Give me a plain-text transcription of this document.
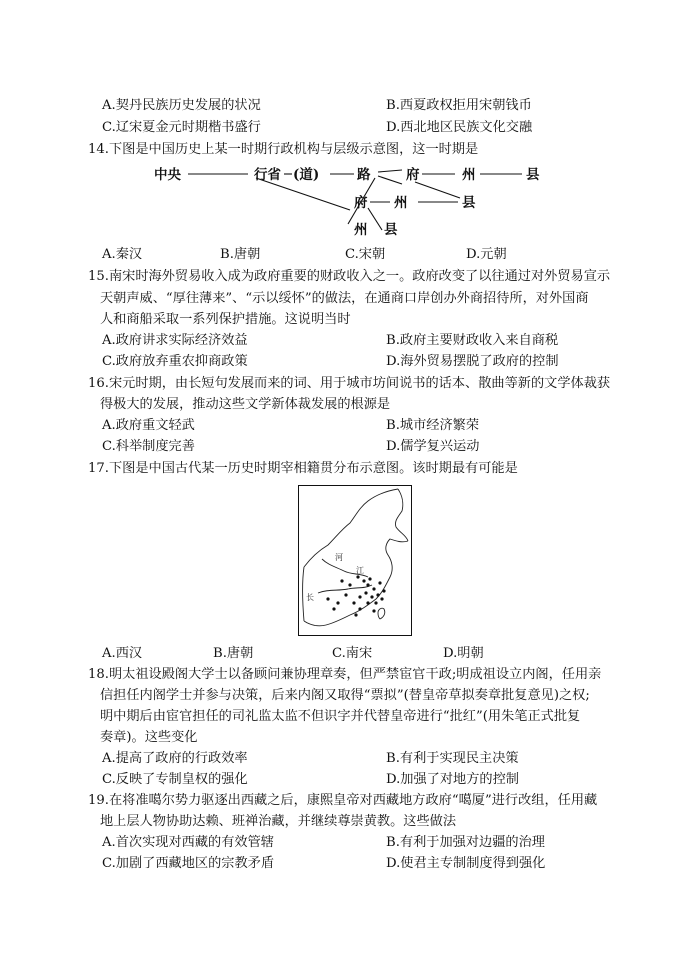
A.契丹民族历史发展的状况	B.西夏政权拒用宋朝钱币
C.辽宋夏金元时期楷书盛行	D.西北地区民族文化交融
14.下图是中国历史上某一时期行政机构与层级示意图，这一时期是
中央	行省 (道)	路	府	州	县
府 州	县
州 县
A.秦汉	B.唐朝	C.宋朝	D.元朝
15.南宋时海外贸易收入成为政府重要的财政收入之一。政府改变了以往通过对外贸易宣示
天朝声威、“厚往薄来”、“示以绥怀”的做法，在通商口岸创办外商招待所，对外国商
人和商船采取一系列保护措施。这说明当时
A.政府讲求实际经济效益	B.政府主要财政收入来自商税
C.政府放弃重农抑商政策	D.海外贸易摆脱了政府的控制
16.宋元时期，由长短句发展而来的词、用于城市坊间说书的话本、散曲等新的文学体裁获
得极大的发展，推动这些文学新体裁发展的根源是
A.政府重文轻武	B.城市经济繁荣
C.科举制度完善	D.儒学复兴运动
17.下图是中国古代某一历史时期宰相籍贯分布示意图。该时期最有可能是
河
江
长
A.西汉	B.唐朝	C.南宋	D.明朝
18.明太祖设殿阁大学士以备顾问兼协理章奏，但严禁宦官干政;明成祖设立内阁，任用亲
信担任内阁学士并参与决策，后来内阁又取得“票拟”(替皇帝草拟奏章批复意见)之权;
明中期后由宦官担任的司礼监太监不但识字并代替皇帝进行“批红”(用朱笔正式批复
奏章)。这些变化
A.提高了政府的行政效率	B.有利于实现民主决策
C.反映了专制皇权的强化	D.加强了对地方的控制
19.在将准噶尔势力驱逐出西藏之后，康熙皇帝对西藏地方政府“噶厦”进行改组，任用藏
地上层人物协助达赖、班禅治藏，并继续尊崇黄教。这些做法
A.首次实现对西藏的有效管辖	B.有利于加强对边疆的治理
C.加剧了西藏地区的宗教矛盾	D.使君主专制制度得到强化
